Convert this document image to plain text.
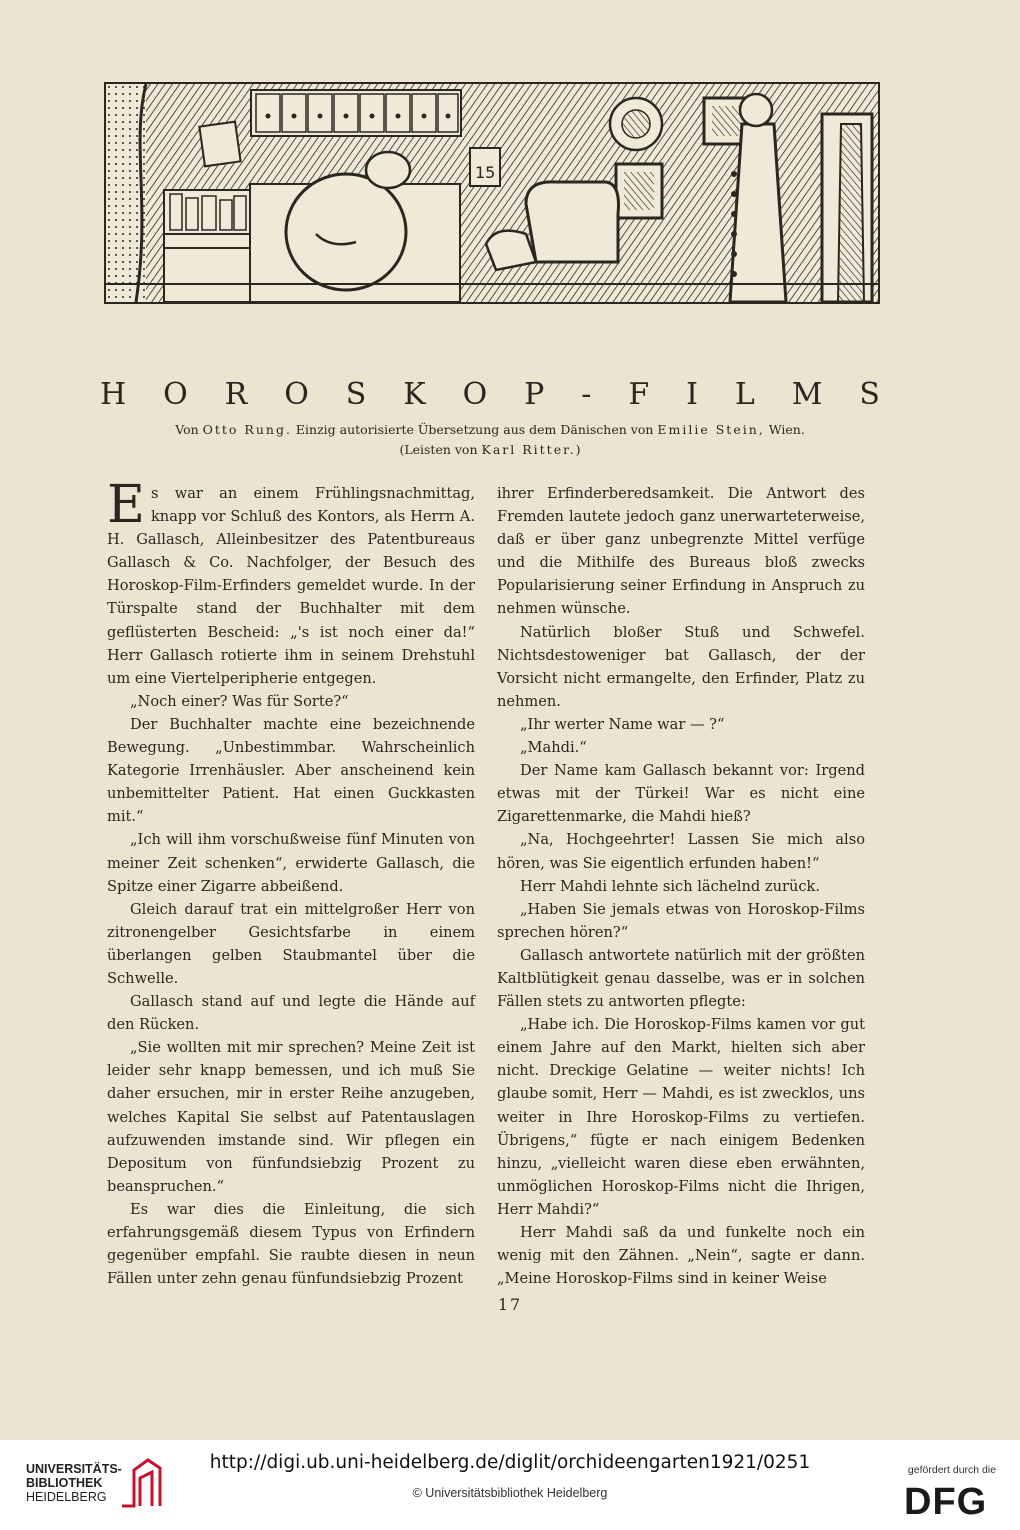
15
H O R O S K O P - F I L M S
Von Otto Rung. Einzig autorisierte Übersetzung aus dem Dänischen von Emilie Stein, Wien.
(Leisten von Karl Ritter.)

Es war an einem Frühlingsnachmittag, knapp vor Schluß des Kontors, als Herrn A. H. Gallasch, Alleinbesitzer des Patentbureaus Gallasch & Co. Nachfolger, der Besuch des Horoskop-Film-Erfinders gemeldet wurde. In der Türspalte stand der Buchhalter mit dem geflüsterten Bescheid: „'s ist noch einer da!“ Herr Gallasch rotierte ihm in seinem Drehstuhl um eine Viertelperipherie entgegen.

„Noch einer? Was für Sorte?“

Der Buchhalter machte eine bezeichnende Bewegung. „Unbestimmbar. Wahrscheinlich Kategorie Irrenhäusler. Aber anscheinend kein unbemittelter Patient. Hat einen Guckkasten mit.“

„Ich will ihm vorschußweise fünf Minuten von meiner Zeit schenken“, erwiderte Gallasch, die Spitze einer Zigarre abbeißend.

Gleich darauf trat ein mittelgroßer Herr von zitronengelber Gesichtsfarbe in einem überlangen gelben Staubmantel über die Schwelle.

Gallasch stand auf und legte die Hände auf den Rücken.

„Sie wollten mit mir sprechen? Meine Zeit ist leider sehr knapp bemessen, und ich muß Sie daher ersuchen, mir in erster Reihe anzugeben, welches Kapital Sie selbst auf Patentauslagen aufzuwenden imstande sind. Wir pflegen ein Depositum von fünfundsiebzig Prozent zu beanspruchen.“

Es war dies die Einleitung, die sich erfahrungsgemäß diesem Typus von Erfindern gegenüber empfahl. Sie raubte diesen in neun Fällen unter zehn genau fünfundsiebzig Prozent

ihrer Erfinderberedsamkeit. Die Antwort des Fremden lautete jedoch ganz unerwarteterweise, daß er über ganz unbegrenzte Mittel verfüge und die Mithilfe des Bureaus bloß zwecks Popularisierung seiner Erfindung in Anspruch zu nehmen wünsche.

Natürlich bloßer Stuß und Schwefel. Nichtsdestoweniger bat Gallasch, der der Vorsicht nicht ermangelte, den Erfinder, Platz zu nehmen.

„Ihr werter Name war — ?“

„Mahdi.“

Der Name kam Gallasch bekannt vor: Irgend etwas mit der Türkei! War es nicht eine Zigarettenmarke, die Mahdi hieß?

„Na, Hochgeehrter! Lassen Sie mich also hören, was Sie eigentlich erfunden haben!“

Herr Mahdi lehnte sich lächelnd zurück.

„Haben Sie jemals etwas von Horoskop-Films sprechen hören?“

Gallasch antwortete natürlich mit der größten Kaltblütigkeit genau dasselbe, was er in solchen Fällen stets zu antworten pflegte:

„Habe ich. Die Horoskop-Films kamen vor gut einem Jahre auf den Markt, hielten sich aber nicht. Dreckige Gelatine — weiter nichts! Ich glaube somit, Herr — Mahdi, es ist zwecklos, uns weiter in Ihre Horoskop-Films zu vertiefen. Übrigens,“ fügte er nach einigem Bedenken hinzu, „vielleicht waren diese eben erwähnten, unmöglichen Horoskop-Films nicht die Ihrigen, Herr Mahdi?“

Herr Mahdi saß da und funkelte noch ein wenig mit den Zähnen. „Nein“, sagte er dann. „Meine Horoskop-Films sind in keiner Weise

17
UNIVERSITÄTS-
BIBLIOTHEK
HEIDELBERG
http://digi.ub.uni-heidelberg.de/diglit/orchideengarten1921/0251
© Universitätsbibliothek Heidelberg
gefördert durch die
DFG
